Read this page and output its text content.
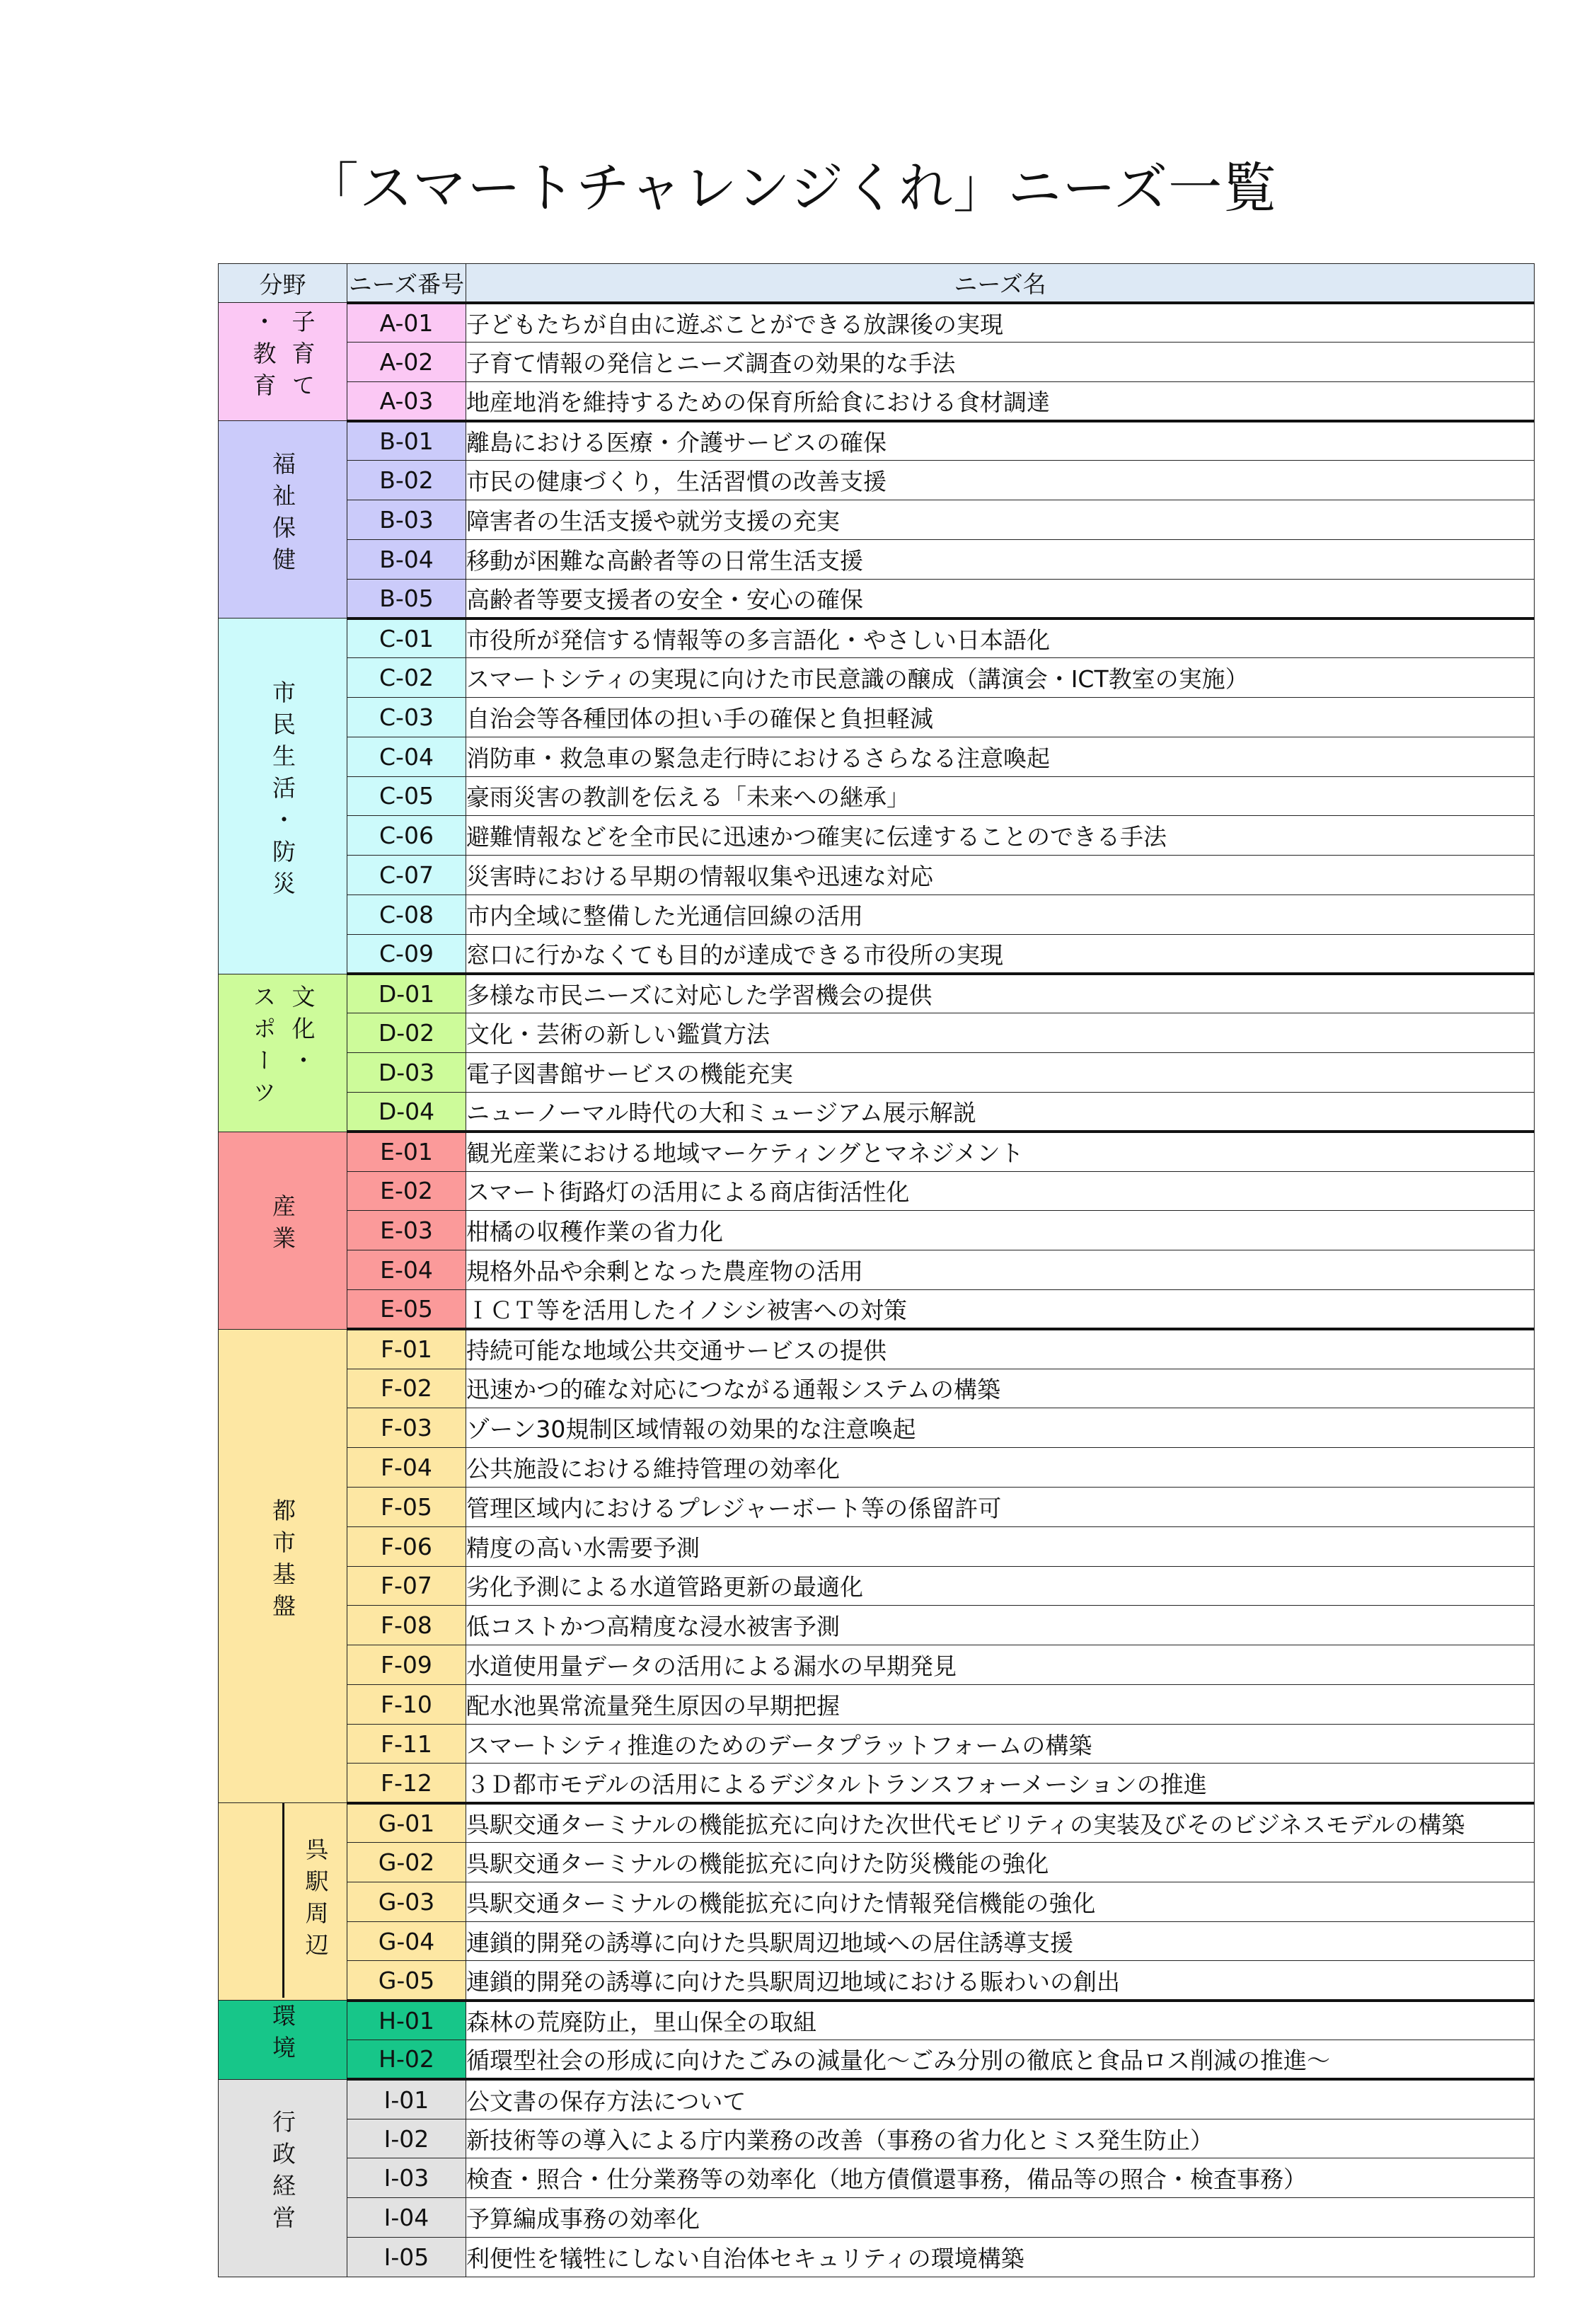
「スマートチャレンジくれ」ニーズ一覧
分野	ニーズ番号	ニーズ名

子育て
・教育	A-01	子どもたちが自由に遊ぶことができる放課後の実現
	A-02	子育て情報の発信とニーズ調査の効果的な手法
	A-03	地産地消を維持するための保育所給食における食材調達
福祉保健	B-01	離島における医療・介護サービスの確保
	B-02	市民の健康づくり，生活習慣の改善支援
	B-03	障害者の生活支援や就労支援の充実
	B-04	移動が困難な高齢者等の日常生活支援
	B-05	高齢者等要支援者の安全・安心の確保
市民生活・防災	C-01	市役所が発信する情報等の多言語化・やさしい日本語化
	C-02	スマートシティの実現に向けた市民意識の醸成（講演会・ICT教室の実施）
	C-03	自治会等各種団体の担い手の確保と負担軽減
	C-04	消防車・救急車の緊急走行時におけるさらなる注意喚起
	C-05	豪雨災害の教訓を伝える「未来への継承」
	C-06	避難情報などを全市民に迅速かつ確実に伝達することのできる手法
	C-07	災害時における早期の情報収集や迅速な対応
	C-08	市内全域に整備した光通信回線の活用
	C-09	窓口に行かなくても目的が達成できる市役所の実現

文化・
スポーツ	D-01	多様な市民ニーズに対応した学習機会の提供
	D-02	文化・芸術の新しい鑑賞方法
	D-03	電子図書館サービスの機能充実
	D-04	ニューノーマル時代の大和ミュージアム展示解説
産業	E-01	観光産業における地域マーケティングとマネジメント
	E-02	スマート街路灯の活用による商店街活性化
	E-03	柑橘の収穫作業の省力化
	E-04	規格外品や余剰となった農産物の活用
	E-05	ＩＣＴ等を活用したイノシシ被害への対策
都市基盤	F-01	持続可能な地域公共交通サービスの提供
	F-02	迅速かつ的確な対応につながる通報システムの構築
	F-03	ゾーン30規制区域情報の効果的な注意喚起
	F-04	公共施設における維持管理の効率化
	F-05	管理区域内におけるプレジャーボート等の係留許可
	F-06	精度の高い水需要予測
	F-07	劣化予測による水道管路更新の最適化
	F-08	低コストかつ高精度な浸水被害予測
	F-09	水道使用量データの活用による漏水の早期発見
	F-10	配水池異常流量発生原因の早期把握
	F-11	スマートシティ推進のためのデータプラットフォームの構築
	F-12	３Ｄ都市モデルの活用によるデジタルトランスフォーメーションの推進

呉駅周辺	G-01	呉駅交通ターミナルの機能拡充に向けた次世代モビリティの実装及びそのビジネスモデルの構築
	G-02	呉駅交通ターミナルの機能拡充に向けた防災機能の強化
	G-03	呉駅交通ターミナルの機能拡充に向けた情報発信機能の強化
	G-04	連鎖的開発の誘導に向けた呉駅周辺地域への居住誘導支援
	G-05	連鎖的開発の誘導に向けた呉駅周辺地域における賑わいの創出
環境	H-01	森林の荒廃防止，里山保全の取組
	H-02	循環型社会の形成に向けたごみの減量化～ごみ分別の徹底と食品ロス削減の推進～
行政経営	I-01	公文書の保存方法について
	I-02	新技術等の導入による庁内業務の改善（事務の省力化とミス発生防止）
	I-03	検査・照合・仕分業務等の効率化（地方債償還事務，備品等の照合・検査事務）
	I-04	予算編成事務の効率化
	I-05	利便性を犠牲にしない自治体セキュリティの環境構築
